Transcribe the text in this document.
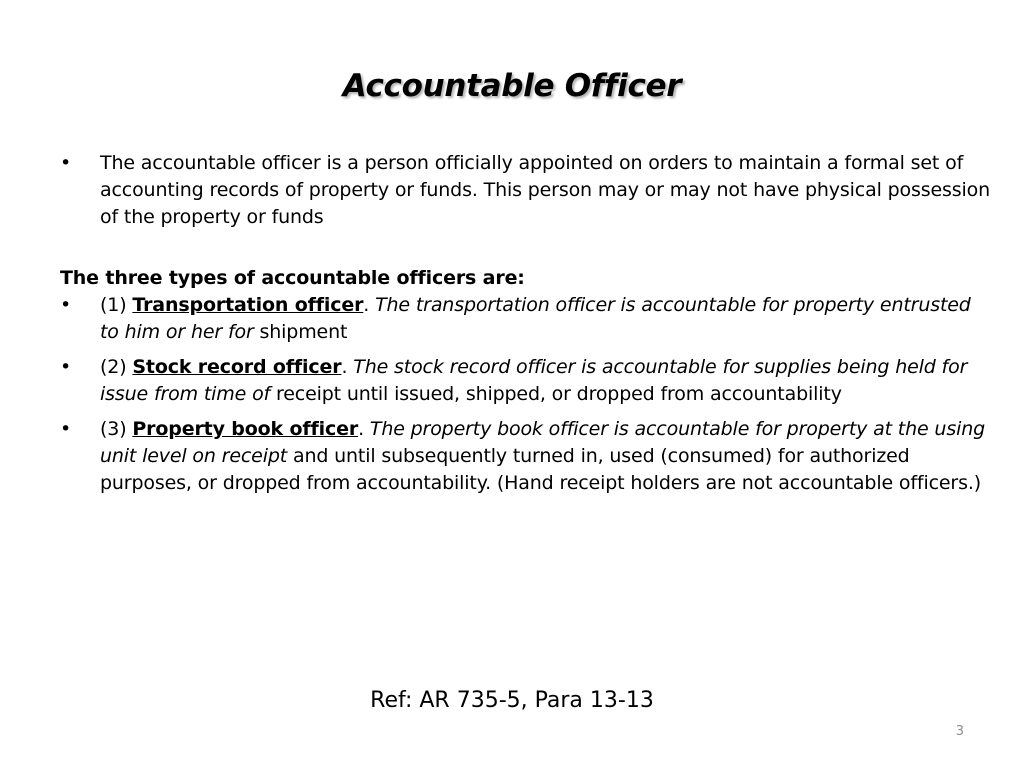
Accountable Officer
•	The accountable officer is a person officially appointed on orders to maintain a formal set of accounting records of property or funds. This person may or may not have physical possession of the property or funds
The three types of accountable officers are:
•	(1) Transportation officer. The transportation officer is accountable for property entrusted to him or her for shipment
•	(2) Stock record officer. The stock record officer is accountable for supplies being held for issue from time of receipt until issued, shipped, or dropped from accountability
•	(3) Property book officer. The property book officer is accountable for property at the using unit level on receipt and until subsequently turned in, used (consumed) for authorized purposes, or dropped from accountability. (Hand receipt holders are not accountable officers.)
Ref: AR 735-5, Para 13-13
3
